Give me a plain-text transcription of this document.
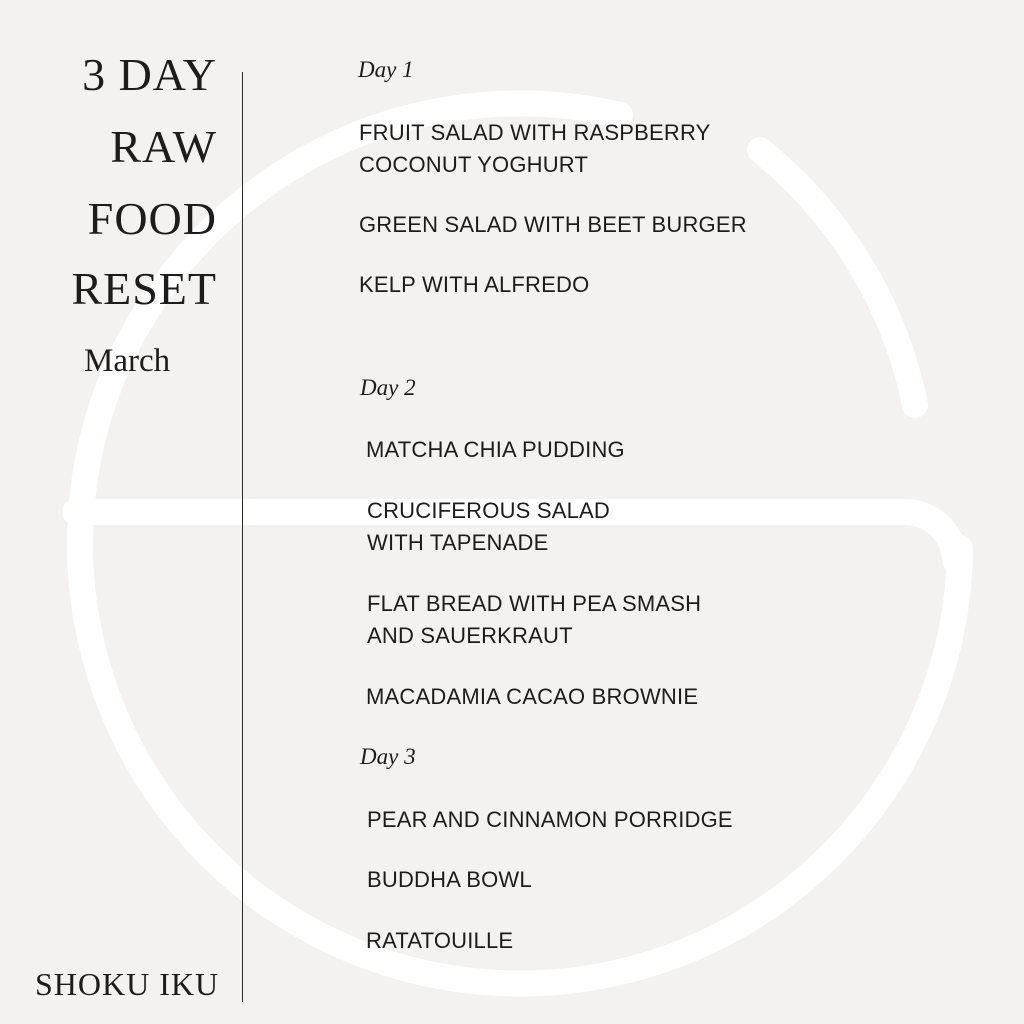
3 DAY
RAW
FOOD
RESET
March
SHOKU IKU
Day 1
FRUIT SALAD WITH RASPBERRY
COCONUT YOGHURT
GREEN SALAD WITH BEET BURGER
KELP WITH ALFREDO
Day 2
MATCHA CHIA PUDDING
CRUCIFEROUS SALAD
WITH TAPENADE
FLAT BREAD WITH PEA SMASH
AND SAUERKRAUT
MACADAMIA CACAO BROWNIE
Day 3
PEAR AND CINNAMON PORRIDGE
BUDDHA BOWL
RATATOUILLE
